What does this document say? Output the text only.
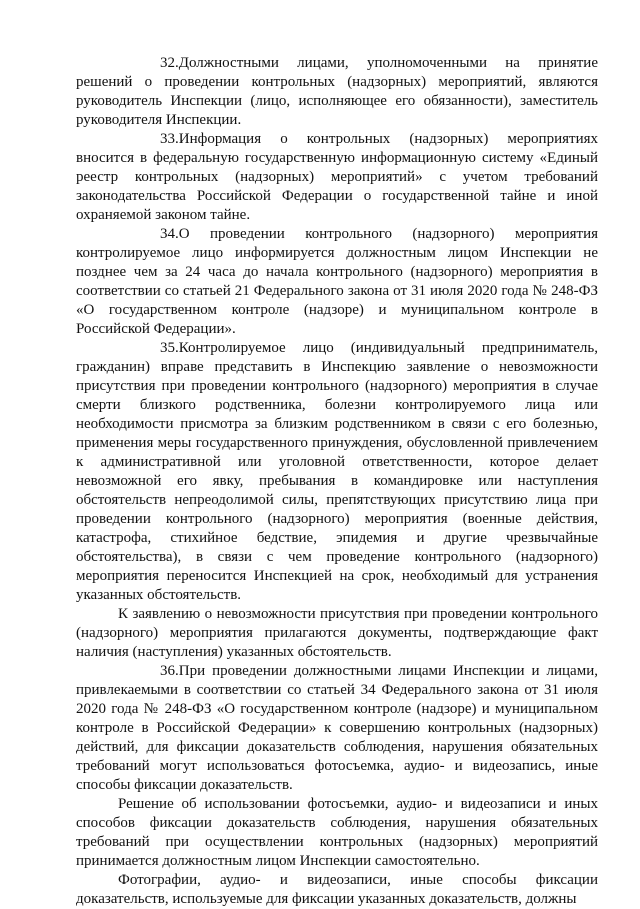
32.Должностными лицами, уполномоченными на принятие решений о проведении контрольных (надзорных) мероприятий, являются руководитель Инспекции (лицо, исполняющее его обязанности), заместитель руководителя Инспекции.

33.Информация о контрольных (надзорных) мероприятиях вносится в федеральную государственную информационную систему «Единый реестр контрольных (надзорных) мероприятий» с учетом требований законодательства Российской Федерации о государственной тайне и иной охраняемой законом тайне.

34.О проведении контрольного (надзорного) мероприятия контролируемое лицо информируется должностным лицом Инспекции не позднее чем за 24 часа до начала контрольного (надзорного) мероприятия в соответствии со статьей 21 Федерального закона от 31 июля 2020 года № 248-ФЗ «О государственном контроле (надзоре) и муниципальном контроле в Российской Федерации».

35.Контролируемое лицо (индивидуальный предприниматель, гражданин) вправе представить в Инспекцию заявление о невозможности присутствия при проведении контрольного (надзорного) мероприятия в случае смерти близкого родственника, болезни контролируемого лица или необходимости присмотра за близким родственником в связи с его болезнью, применения меры государственного принуждения, обусловленной привлечением к административной или уголовной ответственности, которое делает невозможной его явку, пребывания в командировке или наступления обстоятельств непреодолимой силы, препятствующих присутствию лица при проведении контрольного (надзорного) мероприятия (военные действия, катастрофа, стихийное бедствие, эпидемия и другие чрезвычайные обстоятельства), в связи с чем проведение контрольного (надзорного) мероприятия переносится Инспекцией на срок, необходимый для устранения указанных обстоятельств.

К заявлению о невозможности присутствия при проведении контрольного (надзорного) мероприятия прилагаются документы, подтверждающие факт наличия (наступления) указанных обстоятельств.

36.При проведении должностными лицами Инспекции и лицами, привлекаемыми в соответствии со статьей 34 Федерального закона от 31 июля 2020 года № 248-ФЗ «О государственном контроле (надзоре) и муниципальном контроле в Российской Федерации» к совершению контрольных (надзорных) действий, для фиксации доказательств соблюдения, нарушения обязательных требований могут использоваться фотосъемка, аудио- и видеозапись, иные способы фиксации доказательств.

Решение об использовании фотосъемки, аудио- и видеозаписи и иных способов фиксации доказательств соблюдения, нарушения обязательных требований при осуществлении контрольных (надзорных) мероприятий принимается должностным лицом Инспекции самостоятельно.

Фотографии, аудио- и видеозаписи, иные способы фиксации доказательств, используемые для фиксации указанных доказательств, должны
